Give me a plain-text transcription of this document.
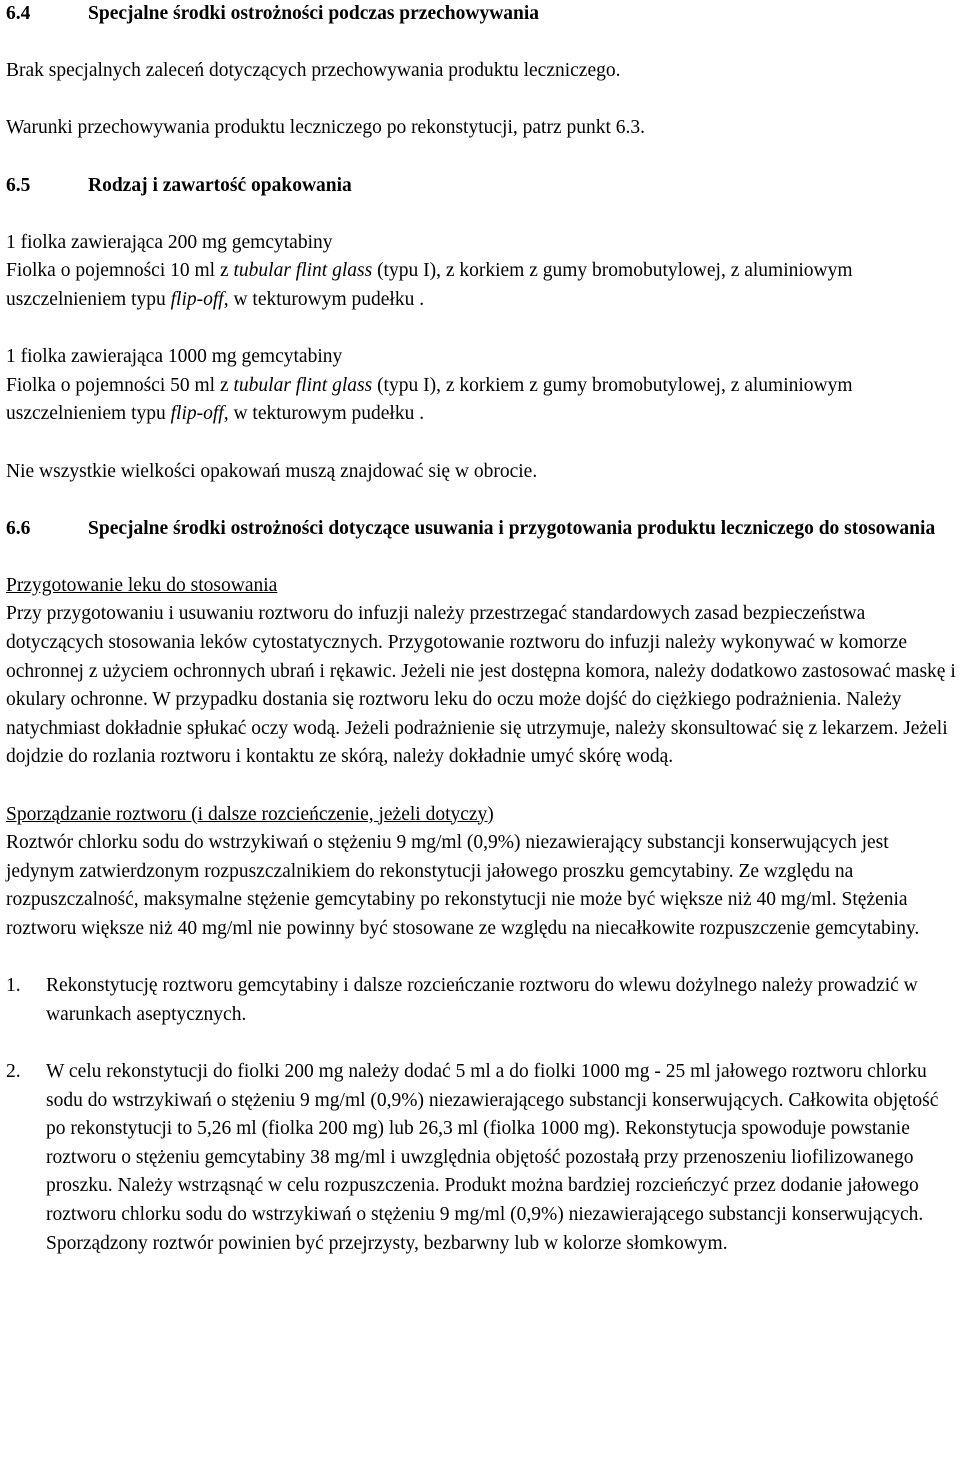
6.4	Specjalne środki ostrożności podczas przechowywania

Brak specjalnych zaleceń dotyczących przechowywania produktu leczniczego.

Warunki przechowywania produktu leczniczego po rekonstytucji, patrz punkt 6.3.

6.5	Rodzaj i zawartość opakowania

1 fiolka zawierająca 200 mg gemcytabiny

Fiolka o pojemności 10 ml z tubular flint glass (typu I), z korkiem z gumy bromobutylowej, z aluminiowym uszczelnieniem typu flip-off, w tekturowym pudełku .

1 fiolka zawierająca 1000 mg gemcytabiny

Fiolka o pojemności 50 ml z tubular flint glass (typu I), z korkiem z gumy bromobutylowej, z aluminiowym uszczelnieniem typu flip-off, w tekturowym pudełku .

Nie wszystkie wielkości opakowań muszą znajdować się w obrocie.

6.6	Specjalne środki ostrożności dotyczące usuwania i przygotowania produktu leczniczego do stosowania

Przygotowanie leku do stosowania

Przy przygotowaniu i usuwaniu roztworu do infuzji należy przestrzegać standardowych zasad bezpieczeństwa dotyczących stosowania leków cytostatycznych. Przygotowanie roztworu do infuzji należy wykonywać w komorze ochronnej z użyciem ochronnych ubrań i rękawic. Jeżeli nie jest dostępna komora, należy dodatkowo zastosować maskę i okulary ochronne. W przypadku dostania się roztworu leku do oczu może dojść do ciężkiego podrażnienia. Należy natychmiast dokładnie spłukać oczy wodą. Jeżeli podrażnienie się utrzymuje, należy skonsultować się z lekarzem. Jeżeli dojdzie do rozlania roztworu i kontaktu ze skórą, należy dokładnie umyć skórę wodą.

Sporządzanie roztworu (i dalsze rozcieńczenie, jeżeli dotyczy)

Roztwór chlorku sodu do wstrzykiwań o stężeniu 9 mg/ml (0,9%) niezawierający substancji konserwujących jest jedynym zatwierdzonym rozpuszczalnikiem do rekonstytucji jałowego proszku gemcytabiny. Ze względu na rozpuszczalność, maksymalne stężenie gemcytabiny po rekonstytucji nie może być większe niż 40 mg/ml. Stężenia roztworu większe niż 40 mg/ml nie powinny być stosowane ze względu na niecałkowite rozpuszczenie gemcytabiny.

1.	Rekonstytucję roztworu gemcytabiny i dalsze rozcieńczanie roztworu do wlewu dożylnego należy prowadzić w warunkach aseptycznych.
2.	W celu rekonstytucji do fiolki 200 mg należy dodać 5 ml a do fiolki 1000 mg - 25 ml jałowego roztworu chlorku sodu do wstrzykiwań o stężeniu 9 mg/ml (0,9%) niezawierającego substancji konserwujących. Całkowita objętość po rekonstytucji to 5,26 ml (fiolka 200 mg) lub 26,3 ml (fiolka 1000 mg). Rekonstytucja spowoduje powstanie roztworu o stężeniu gemcytabiny 38 mg/ml i uwzględnia objętość pozostałą przy przenoszeniu liofilizowanego proszku. Należy wstrząsnąć w celu rozpuszczenia. Produkt można bardziej rozcieńczyć przez dodanie jałowego roztworu chlorku sodu do wstrzykiwań o stężeniu 9 mg/ml (0,9%) niezawierającego substancji konserwujących. Sporządzony roztwór powinien być przejrzysty, bezbarwny lub w kolorze słomkowym.
